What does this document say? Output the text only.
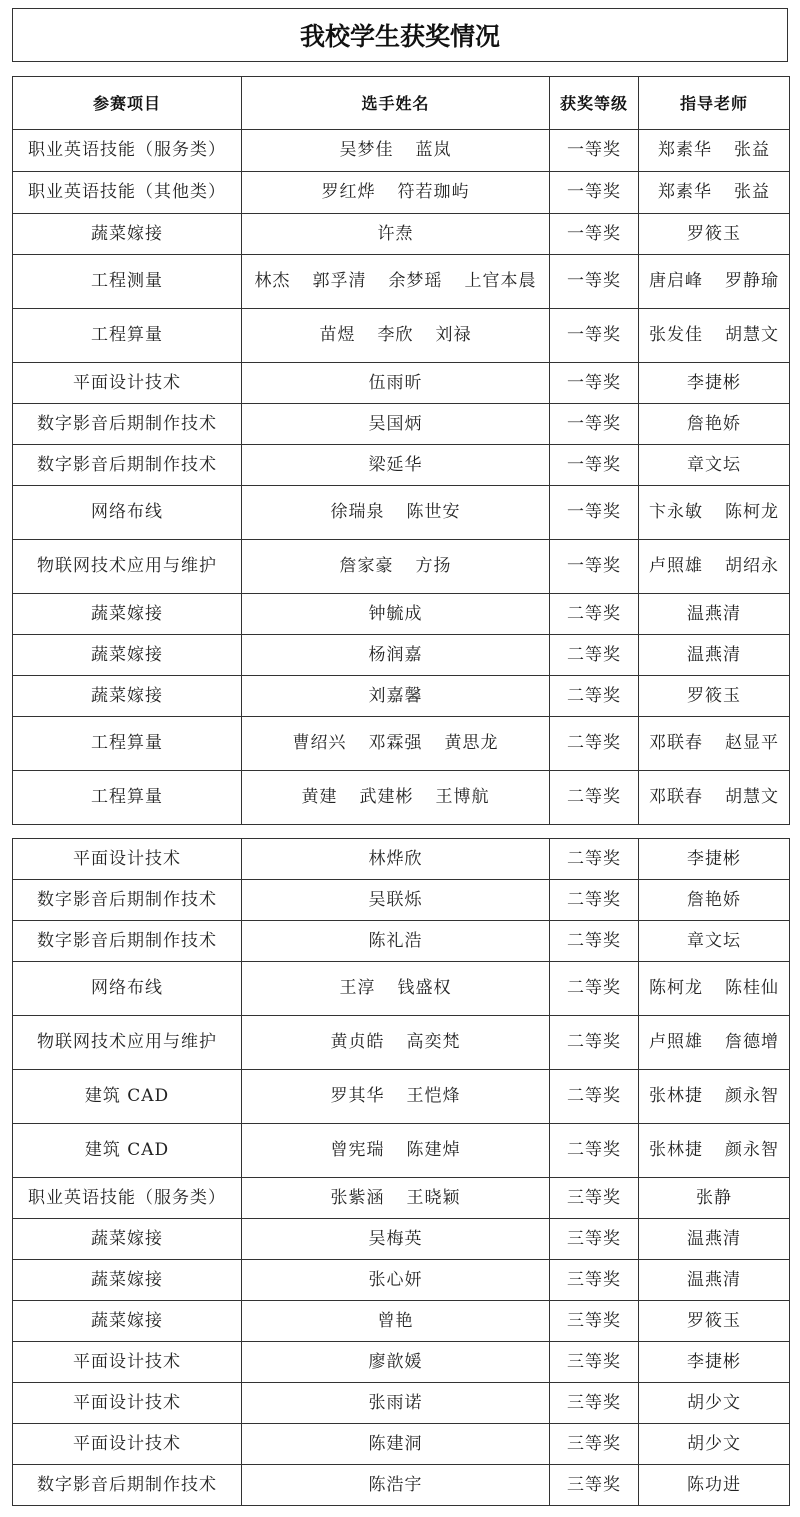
我校学生获奖情况
参赛项目	选手姓名	获奖等级	指导老师
职业英语技能（服务类）	吴梦佳 蓝岚	一等奖	郑素华 张益
职业英语技能（其他类）	罗红烨 符若珈屿	一等奖	郑素华 张益
蔬菜嫁接	许焘	一等奖	罗筱玉
工程测量	林杰 郭孚清 余梦瑶 上官本晨	一等奖	唐启峰 罗静瑜
工程算量	苗煜 李欣 刘禄	一等奖	张发佳 胡慧文
平面设计技术	伍雨昕	一等奖	李捷彬
数字影音后期制作技术	吴国炳	一等奖	詹艳娇
数字影音后期制作技术	梁延华	一等奖	章文坛
网络布线	徐瑞泉 陈世安	一等奖	卞永敏 陈柯龙
物联网技术应用与维护	詹家豪 方扬	一等奖	卢照雄 胡绍永
蔬菜嫁接	钟毓成	二等奖	温燕清
蔬菜嫁接	杨润嘉	二等奖	温燕清
蔬菜嫁接	刘嘉馨	二等奖	罗筱玉
工程算量	曹绍兴 邓霖强 黄思龙	二等奖	邓联春 赵显平
工程算量	黄建 武建彬 王博航	二等奖	邓联春 胡慧文
平面设计技术	林烨欣	二等奖	李捷彬
数字影音后期制作技术	吴联烁	二等奖	詹艳娇
数字影音后期制作技术	陈礼浩	二等奖	章文坛
网络布线	王淳 钱盛权	二等奖	陈柯龙 陈桂仙
物联网技术应用与维护	黄贞皓 高奕梵	二等奖	卢照雄 詹德增
建筑 CAD	罗其华 王恺烽	二等奖	张林捷 颜永智
建筑 CAD	曾宪瑞 陈建焯	二等奖	张林捷 颜永智
职业英语技能（服务类）	张紫涵 王晓颖	三等奖	张静
蔬菜嫁接	吴梅英	三等奖	温燕清
蔬菜嫁接	张心妍	三等奖	温燕清
蔬菜嫁接	曾艳	三等奖	罗筱玉
平面设计技术	廖歆媛	三等奖	李捷彬
平面设计技术	张雨诺	三等奖	胡少文
平面设计技术	陈建洞	三等奖	胡少文
数字影音后期制作技术	陈浩宇	三等奖	陈功进
